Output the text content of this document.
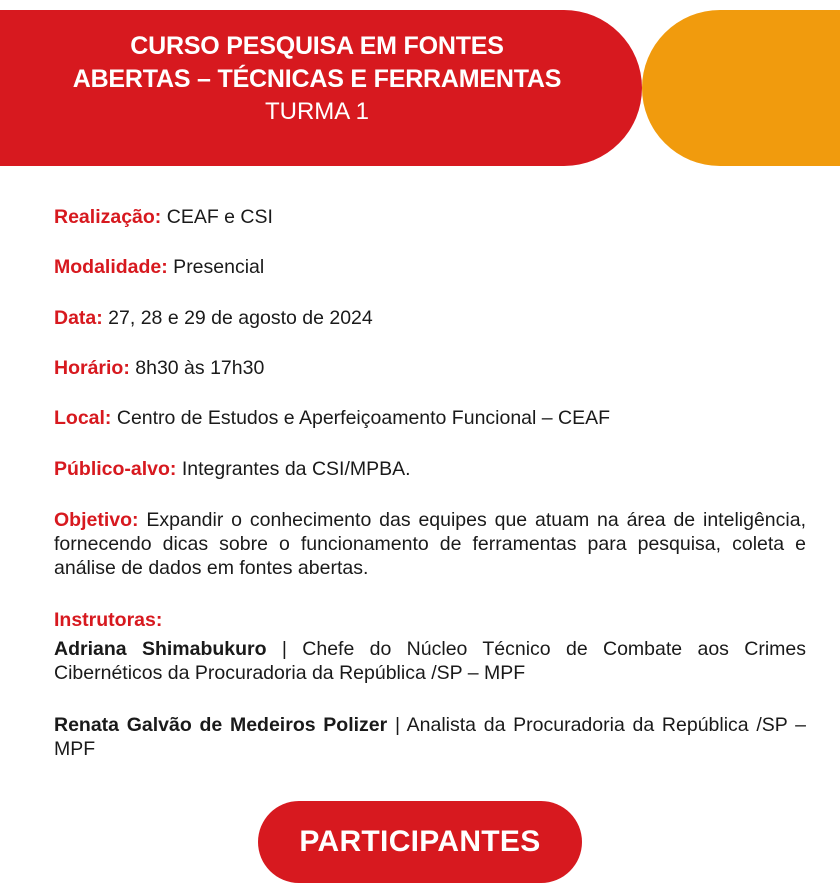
CURSO PESQUISA EM FONTES
ABERTAS – TÉCNICAS E FERRAMENTAS
TURMA 1
Realização: CEAF e CSI
Modalidade: Presencial
Data: 27, 28 e 29 de agosto de 2024
Horário: 8h30 às 17h30
Local: Centro de Estudos e Aperfeiçoamento Funcional – CEAF
Público-alvo: Integrantes da CSI/MPBA.
Objetivo: Expandir o conhecimento das equipes que atuam na área de inteligência, fornecendo dicas sobre o funcionamento de ferramentas para pesquisa, coleta e análise de dados em fontes abertas.
Instrutoras:
Adriana Shimabukuro | Chefe do Núcleo Técnico de Combate aos Crimes Cibernéticos da Procuradoria da República /SP – MPF
Renata Galvão de Medeiros Polizer | Analista da Procuradoria da República /SP – MPF
PARTICIPANTES
